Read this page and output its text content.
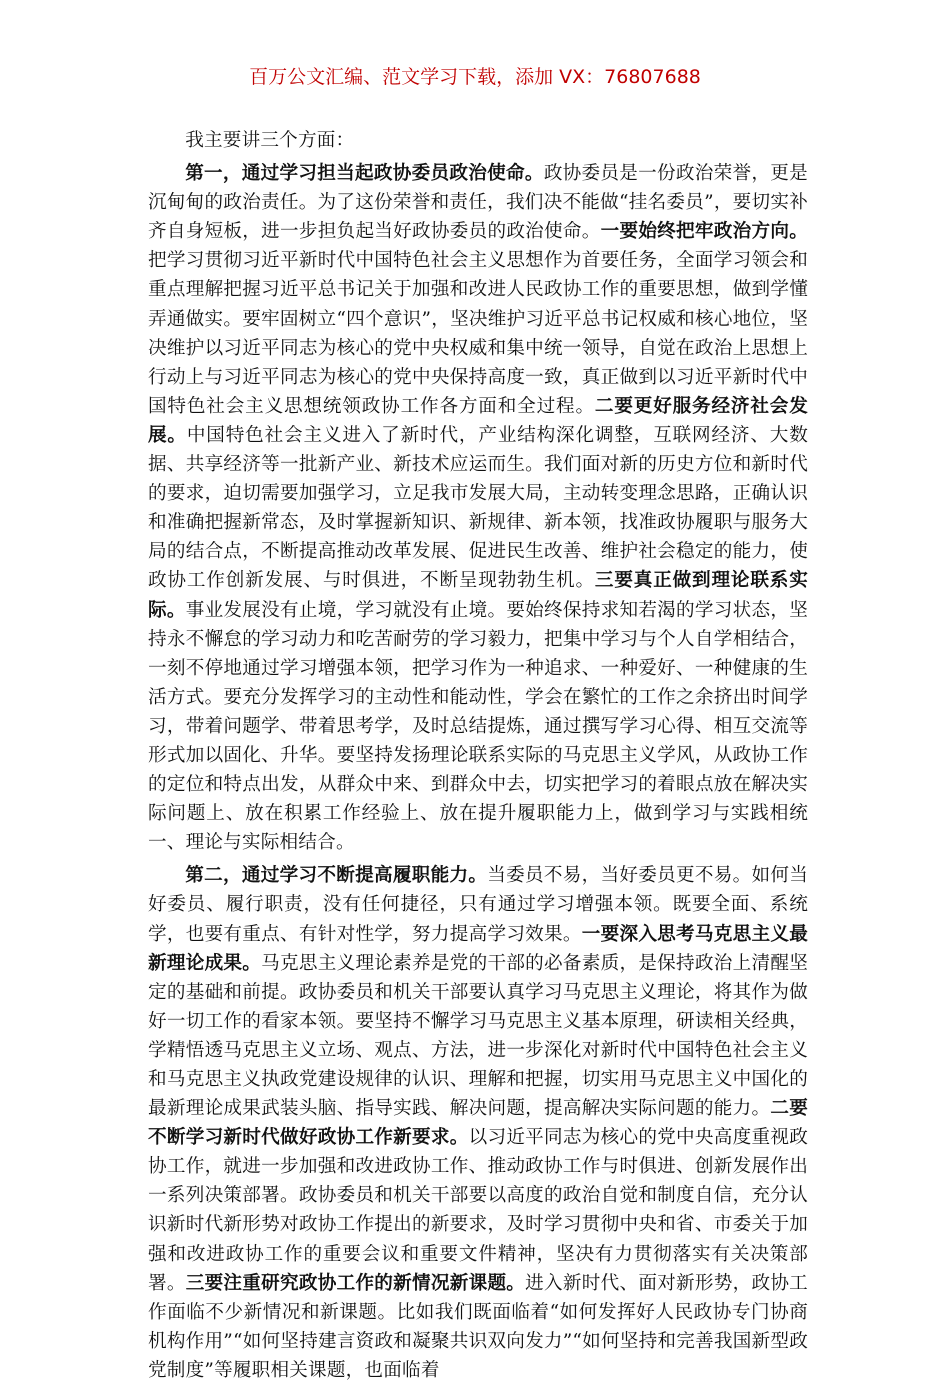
百万公文汇编、范文学习下载，添加 VX：76807688

我主要讲三个方面：

第一，通过学习担当起政协委员政治使命。政协委员是一份政治荣誉，更是沉甸甸的政治责任。为了这份荣誉和责任，我们决不能做“挂名委员”，要切实补齐自身短板，进一步担负起当好政协委员的政治使命。一要始终把牢政治方向。把学习贯彻习近平新时代中国特色社会主义思想作为首要任务，全面学习领会和重点理解把握习近平总书记关于加强和改进人民政协工作的重要思想，做到学懂弄通做实。要牢固树立“四个意识”，坚决维护习近平总书记权威和核心地位，坚决维护以习近平同志为核心的党中央权威和集中统一领导，自觉在政治上思想上行动上与习近平同志为核心的党中央保持高度一致，真正做到以习近平新时代中国特色社会主义思想统领政协工作各方面和全过程。二要更好服务经济社会发展。中国特色社会主义进入了新时代，产业结构深化调整，互联网经济、大数据、共享经济等一批新产业、新技术应运而生。我们面对新的历史方位和新时代的要求，迫切需要加强学习，立足我市发展大局，主动转变理念思路，正确认识和准确把握新常态，及时掌握新知识、新规律、新本领，找准政协履职与服务大局的结合点，不断提高推动改革发展、促进民生改善、维护社会稳定的能力，使政协工作创新发展、与时俱进，不断呈现勃勃生机。三要真正做到理论联系实际。事业发展没有止境，学习就没有止境。要始终保持求知若渴的学习状态，坚持永不懈怠的学习动力和吃苦耐劳的学习毅力，把集中学习与个人自学相结合，一刻不停地通过学习增强本领，把学习作为一种追求、一种爱好、一种健康的生活方式。要充分发挥学习的主动性和能动性，学会在繁忙的工作之余挤出时间学习，带着问题学、带着思考学，及时总结提炼，通过撰写学习心得、相互交流等形式加以固化、升华。要坚持发扬理论联系实际的马克思主义学风，从政协工作的定位和特点出发，从群众中来、到群众中去，切实把学习的着眼点放在解决实际问题上、放在积累工作经验上、放在提升履职能力上，做到学习与实践相统一、理论与实际相结合。

第二，通过学习不断提高履职能力。当委员不易，当好委员更不易。如何当好委员、履行职责，没有任何捷径，只有通过学习增强本领。既要全面、系统学，也要有重点、有针对性学，努力提高学习效果。一要深入思考马克思主义最新理论成果。马克思主义理论素养是党的干部的必备素质，是保持政治上清醒坚定的基础和前提。政协委员和机关干部要认真学习马克思主义理论，将其作为做好一切工作的看家本领。要坚持不懈学习马克思主义基本原理，研读相关经典，学精悟透马克思主义立场、观点、方法，进一步深化对新时代中国特色社会主义和马克思主义执政党建设规律的认识、理解和把握，切实用马克思主义中国化的最新理论成果武装头脑、指导实践、解决问题，提高解决实际问题的能力。二要不断学习新时代做好政协工作新要求。以习近平同志为核心的党中央高度重视政协工作，就进一步加强和改进政协工作、推动政协工作与时俱进、创新发展作出一系列决策部署。政协委员和机关干部要以高度的政治自觉和制度自信，充分认识新时代新形势对政协工作提出的新要求，及时学习贯彻中央和省、市委关于加强和改进政协工作的重要会议和重要文件精神，坚决有力贯彻落实有关决策部署。三要注重研究政协工作的新情况新课题。进入新时代、面对新形势，政协工作面临不少新情况和新课题。比如我们既面临着“如何发挥好人民政协专门协商机构作用”“如何坚持建言资政和凝聚共识双向发力”“如何坚持和完善我国新型政党制度”等履职相关课题，也面临着
